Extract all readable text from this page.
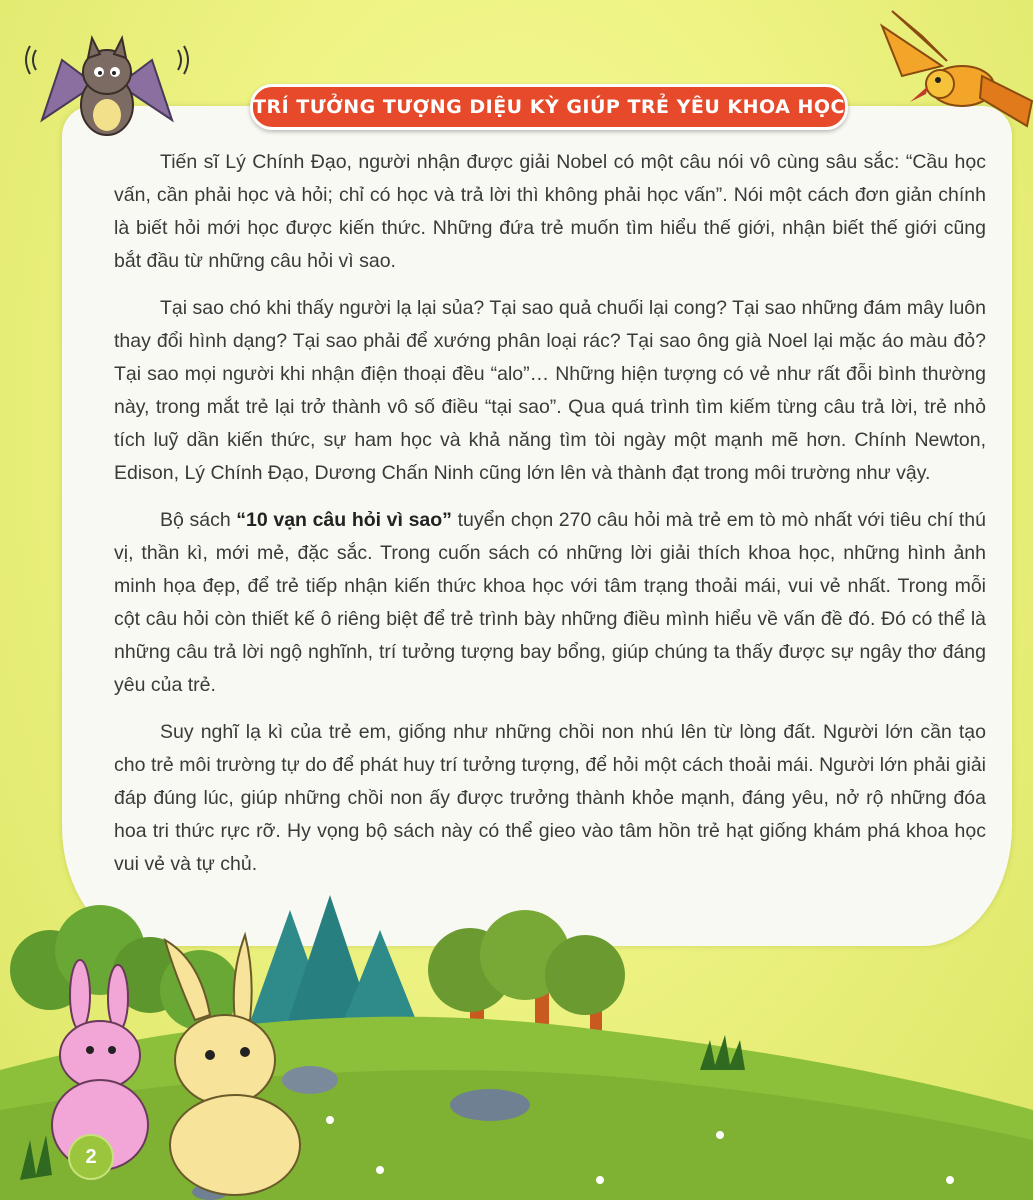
TRÍ TƯỞNG TƯỢNG DIỆU KỲ GIÚP TRẺ YÊU KHOA HỌC

Tiến sĩ Lý Chính Đạo, người nhận được giải Nobel có một câu nói vô cùng sâu sắc: “Cầu học vấn, cần phải học và hỏi; chỉ có học và trả lời thì không phải học vấn”. Nói một cách đơn giản chính là biết hỏi mới học được kiến thức. Những đứa trẻ muốn tìm hiểu thế giới, nhận biết thế giới cũng bắt đầu từ những câu hỏi vì sao.

Tại sao chó khi thấy người lạ lại sủa? Tại sao quả chuối lại cong? Tại sao những đám mây luôn thay đổi hình dạng? Tại sao phải để xướng phân loại rác? Tại sao ông già Noel lại mặc áo màu đỏ? Tại sao mọi người khi nhận điện thoại đều “alo”… Những hiện tượng có vẻ như rất đỗi bình thường này, trong mắt trẻ lại trở thành vô số điều “tại sao”. Qua quá trình tìm kiếm từng câu trả lời, trẻ nhỏ tích luỹ dần kiến thức, sự ham học và khả năng tìm tòi ngày một mạnh mẽ hơn. Chính Newton, Edison, Lý Chính Đạo, Dương Chấn Ninh cũng lớn lên và thành đạt trong môi trường như vậy.

Bộ sách “10 vạn câu hỏi vì sao” tuyển chọn 270 câu hỏi mà trẻ em tò mò nhất với tiêu chí thú vị, thần kì, mới mẻ, đặc sắc. Trong cuốn sách có những lời giải thích khoa học, những hình ảnh minh họa đẹp, để trẻ tiếp nhận kiến thức khoa học với tâm trạng thoải mái, vui vẻ nhất. Trong mỗi cột câu hỏi còn thiết kế ô riêng biệt để trẻ trình bày những điều mình hiểu về vấn đề đó. Đó có thể là những câu trả lời ngộ nghĩnh, trí tưởng tượng bay bổng, giúp chúng ta thấy được sự ngây thơ đáng yêu của trẻ.

Suy nghĩ lạ kì của trẻ em, giống như những chồi non nhú lên từ lòng đất. Người lớn cần tạo cho trẻ môi trường tự do để phát huy trí tưởng tượng, để hỏi một cách thoải mái. Người lớn phải giải đáp đúng lúc, giúp những chồi non ấy được trưởng thành khỏe mạnh, đáng yêu, nở rộ những đóa hoa tri thức rực rỡ. Hy vọng bộ sách này có thể gieo vào tâm hồn trẻ hạt giống khám phá khoa học vui vẻ và tự chủ.

2
